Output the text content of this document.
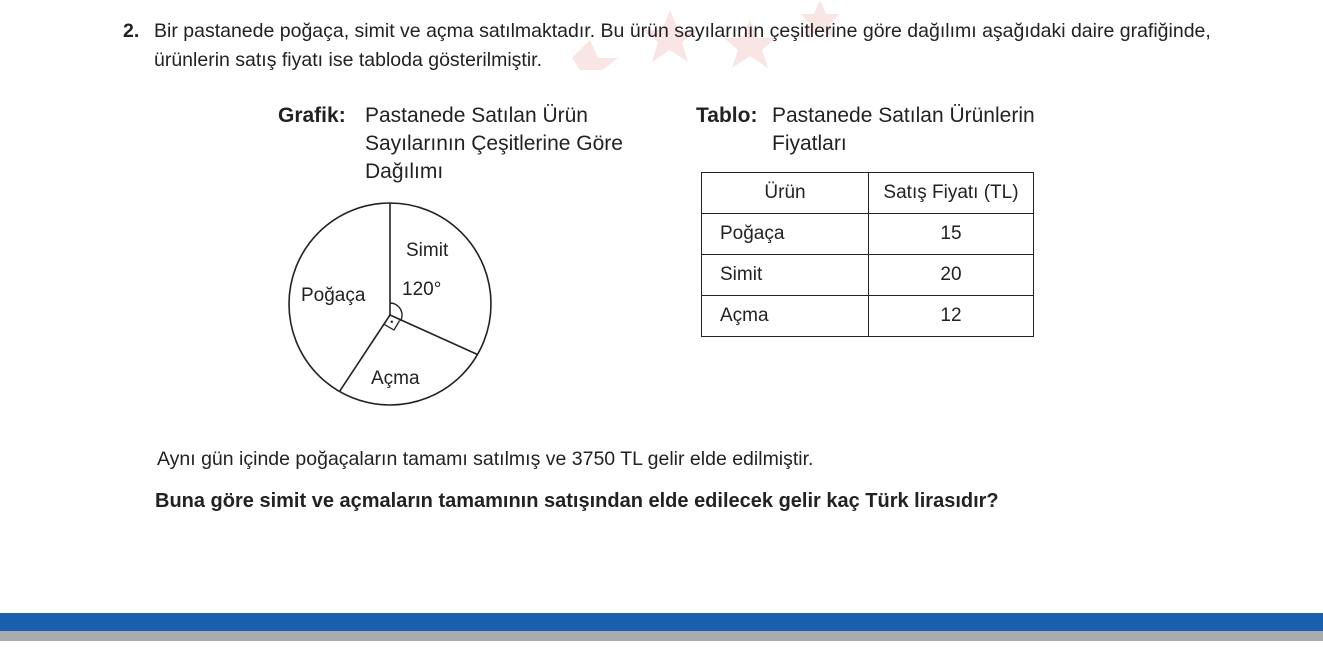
2. Bir pastanede poğaça, simit ve açma satılmaktadır. Bu ürün sayılarının çeşitlerine göre dağılımı aşağıdaki daire grafiğinde, ürünlerin satış fiyatı ise tabloda gösterilmiştir.
Grafik: Pastanede Satılan Ürün Sayılarının Çeşitlerine Göre Dağılımı
Tablo: Pastanede Satılan Ürünlerin Fiyatları
Simit
120°
Açma
Poğaça
Ürün	Satış Fiyatı (TL)
Poğaça	15
Simit	20
Açma	12
Aynı gün içinde poğaçaların tamamı satılmış ve 3750 TL gelir elde edilmiştir.
Buna göre simit ve açmaların tamamının satışından elde edilecek gelir kaç Türk lirasıdır?
